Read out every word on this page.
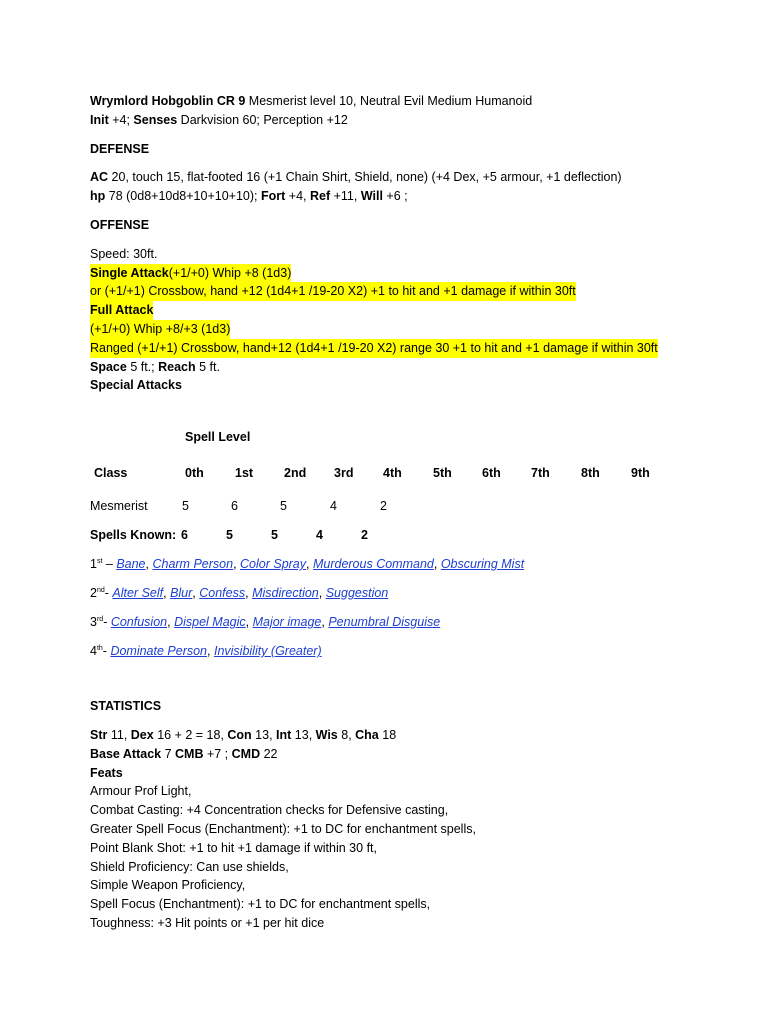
Wrymlord Hobgoblin CR 9 Mesmerist level 10, Neutral Evil Medium Humanoid
Init +4; Senses Darkvision 60; Perception +12
DEFENSE
AC 20, touch 15, flat-footed 16 (+1 Chain Shirt, Shield, none) (+4 Dex, +5 armour, +1 deflection)
hp 78 (0d8+10d8+10+10+10); Fort +4, Ref +11, Will +6 ;
OFFENSE
Speed: 30ft.
Single Attack(+1/+0) Whip +8 (1d3)
or (+1/+1) Crossbow, hand +12 (1d4+1 /19-20 X2) +1 to hit and +1 damage if within 30ft
Full Attack
(+1/+0) Whip +8/+3 (1d3)
Ranged (+1/+1) Crossbow, hand+12 (1d4+1 /19-20 X2) range 30 +1 to hit and +1 damage if within 30ft
Space 5 ft.; Reach 5 ft.
Special Attacks
Spell Level
Class	0th	1st 2nd 3rd 4th	5th 6th 7th	8th	9th
Mesmerist	5	6	5	4	2
Spells Known: 6	5	5	4	2
1st – Bane, Charm Person, Color Spray, Murderous Command, Obscuring Mist
2nd- Alter Self, Blur, Confess, Misdirection, Suggestion
3rd- Confusion, Dispel Magic, Major image, Penumbral Disguise
4th- Dominate Person, Invisibility (Greater)
STATISTICS
Str 11, Dex 16 + 2 = 18, Con 13, Int 13, Wis 8, Cha 18
Base Attack 7 CMB +7 ; CMD 22
Feats
Armour Prof Light,
Combat Casting: +4 Concentration checks for Defensive casting,
Greater Spell Focus (Enchantment): +1 to DC for enchantment spells,
Point Blank Shot: +1 to hit +1 damage if within 30 ft,
Shield Proficiency: Can use shields,
Simple Weapon Proficiency,
Spell Focus (Enchantment): +1 to DC for enchantment spells,
Toughness: +3 Hit points or +1 per hit dice
